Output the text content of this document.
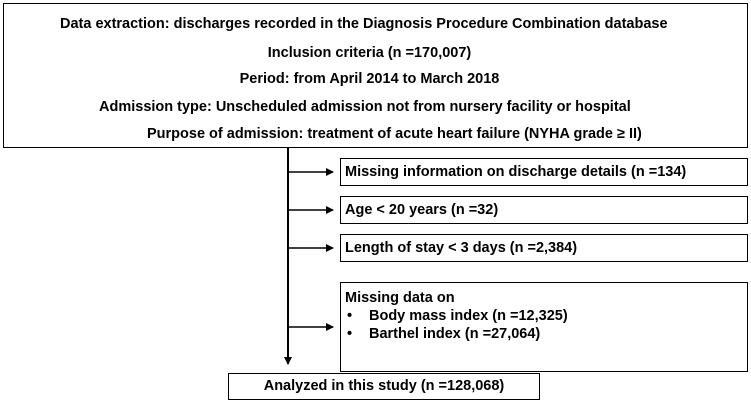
Data extraction: discharges recorded in the Diagnosis Procedure Combination database
Inclusion criteria (n =170,007)
Period: from April 2014 to March 2018
Admission type: Unscheduled admission not from nursery facility or hospital
Purpose of admission: treatment of acute heart failure (NYHA grade ≥ II)
Missing information on discharge details (n =134)
Age < 20 years (n =32)
Length of stay < 3 days (n =2,384)
Missing data on
•	Body mass index (n =12,325)
•	Barthel index (n =27,064)
Analyzed in this study (n =128,068)
